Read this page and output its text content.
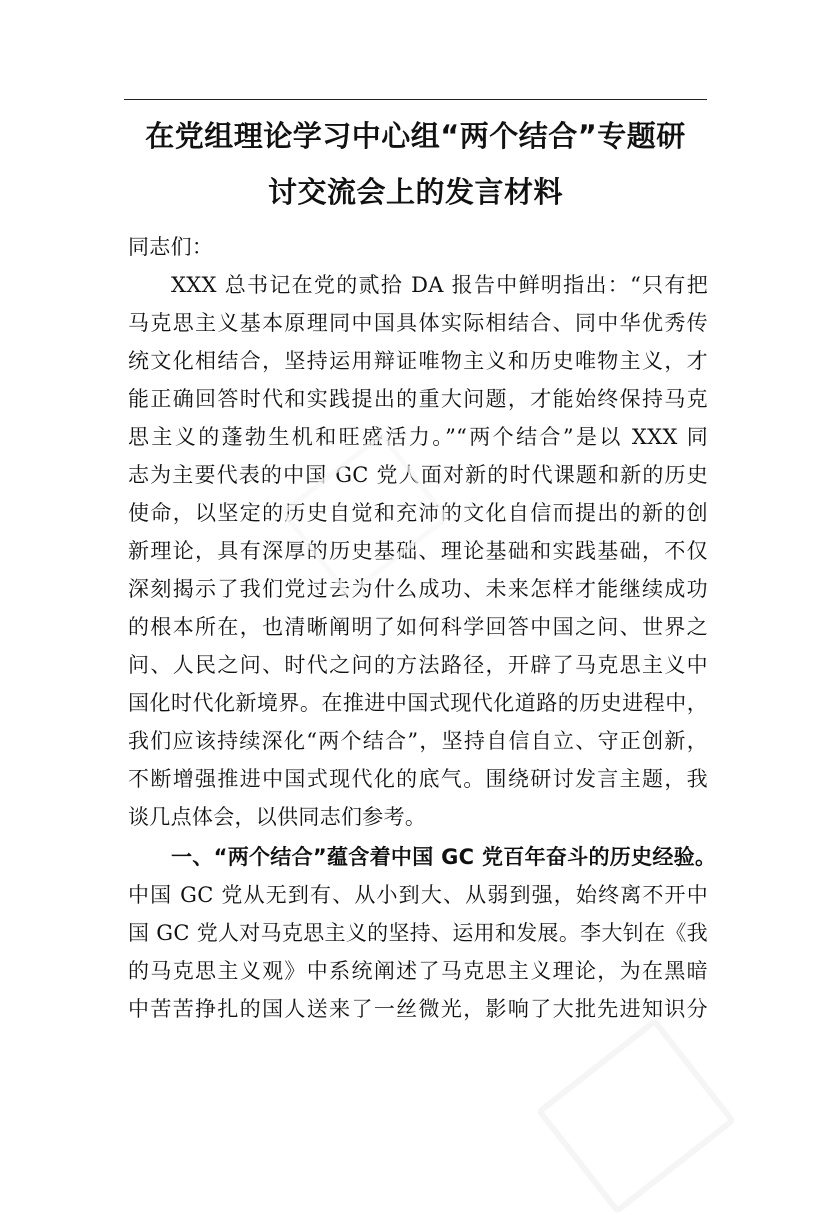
在党组理论学习中心组“两个结合”专题研
讨交流会上的发言材料
同志们：
XXX 总书记在党的贰拾 DA 报告中鲜明指出：“只有把
马克思主义基本原理同中国具体实际相结合、同中华优秀传
统文化相结合，坚持运用辩证唯物主义和历史唯物主义，才
能正确回答时代和实践提出的重大问题，才能始终保持马克
思主义的蓬勃生机和旺盛活力。”“两个结合”是以 XXX 同
志为主要代表的中国 GC 党人面对新的时代课题和新的历史
使命，以坚定的历史自觉和充沛的文化自信而提出的新的创
新理论，具有深厚的历史基础、理论基础和实践基础，不仅
深刻揭示了我们党过去为什么成功、未来怎样才能继续成功
的根本所在，也清晰阐明了如何科学回答中国之问、世界之
问、人民之问、时代之问的方法路径，开辟了马克思主义中
国化时代化新境界。在推进中国式现代化道路的历史进程中，
我们应该持续深化“两个结合”，坚持自信自立、守正创新，
不断增强推进中国式现代化的底气。围绕研讨发言主题，我
谈几点体会，以供同志们参考。
一、“两个结合”蕴含着中国 GC 党百年奋斗的历史经验。
中国 GC 党从无到有、从小到大、从弱到强，始终离不开中
国 GC 党人对马克思主义的坚持、运用和发展。李大钊在《我
的马克思主义观》中系统阐述了马克思主义理论，为在黑暗
中苦苦挣扎的国人送来了一丝微光，影响了大批先进知识分
